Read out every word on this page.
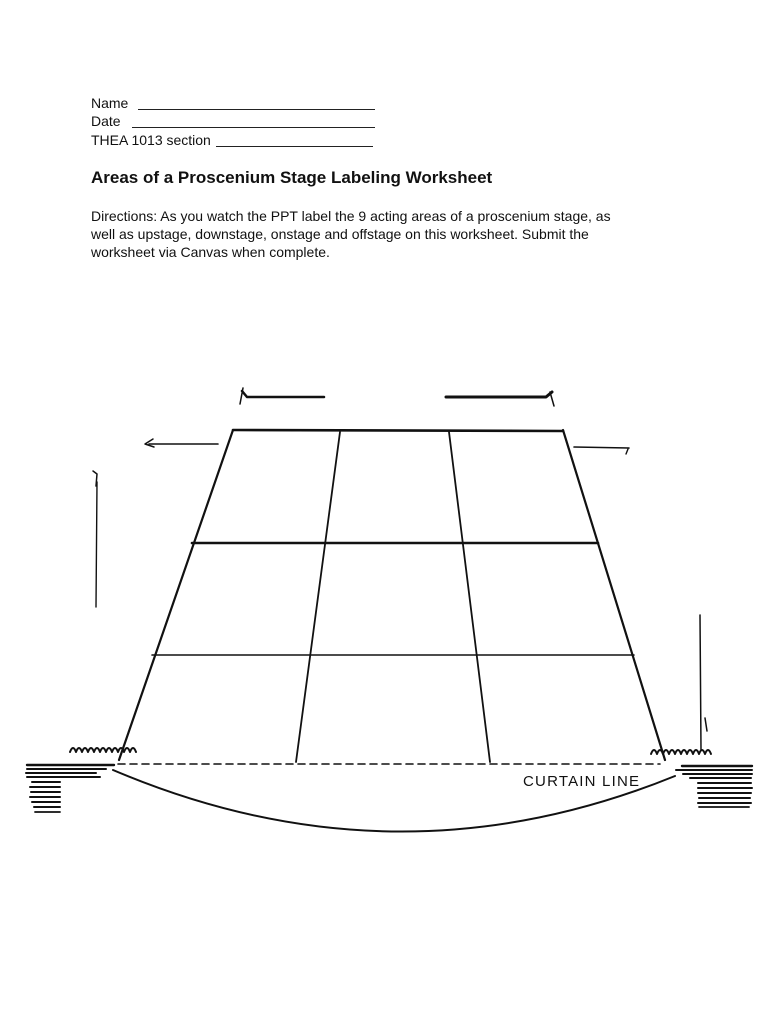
Name
Date
THEA 1013 section
Areas of a Proscenium Stage Labeling Worksheet
Directions: As you watch the PPT label the 9 acting areas of a proscenium stage, as
well as upstage, downstage, onstage and offstage on this worksheet. Submit the
worksheet via Canvas when complete.
CURTAIN LINE
